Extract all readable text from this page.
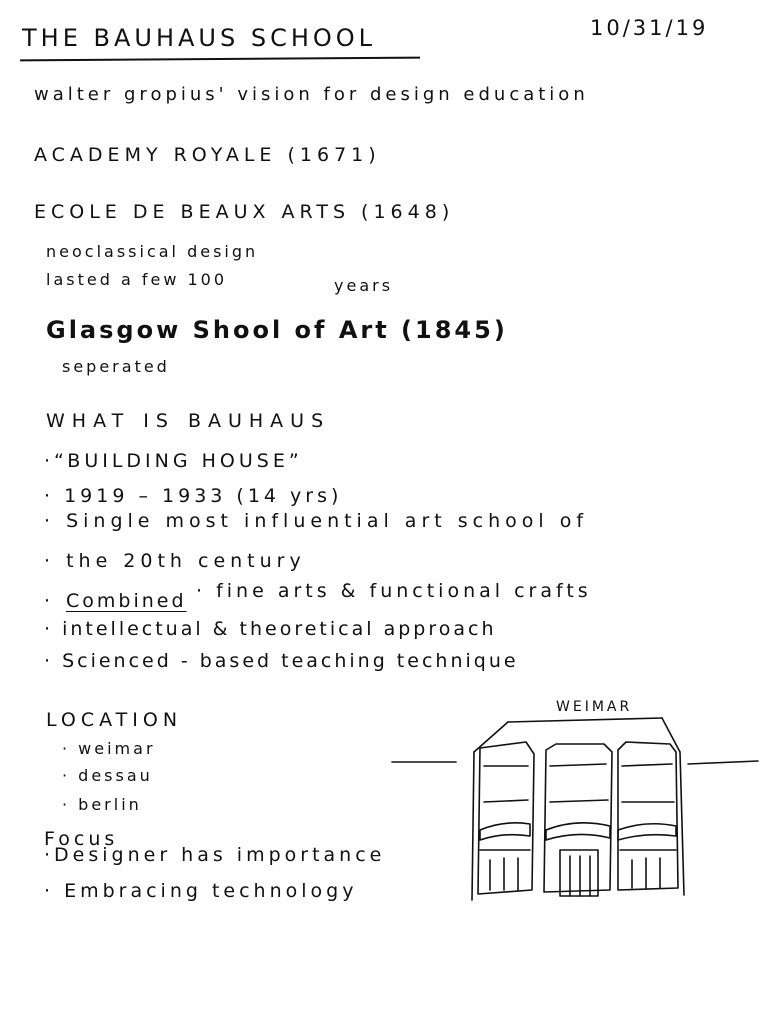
THE BAUHAUS SCHOOL	10/31/19
walter gropius' vision for design education
ACADEMY ROYALE (1671)
ECOLE DE BEAUX ARTS (1648)
neoclassical design
lasted a few 100	years
Glasgow Shool of Art (1845)
seperated
WHAT IS BAUHAUS
·“BUILDING HOUSE”
· 1919 – 1933 (14 yrs)
· Single most influential art school of
· the 20th century
· Combined · fine arts & functional crafts
· intellectual & theoretical approach
· Scienced - based teaching technique
LOCATION
· weimar
· dessau
· berlin
Focus
·Designer has importance
· Embracing technology
WEIMAR
